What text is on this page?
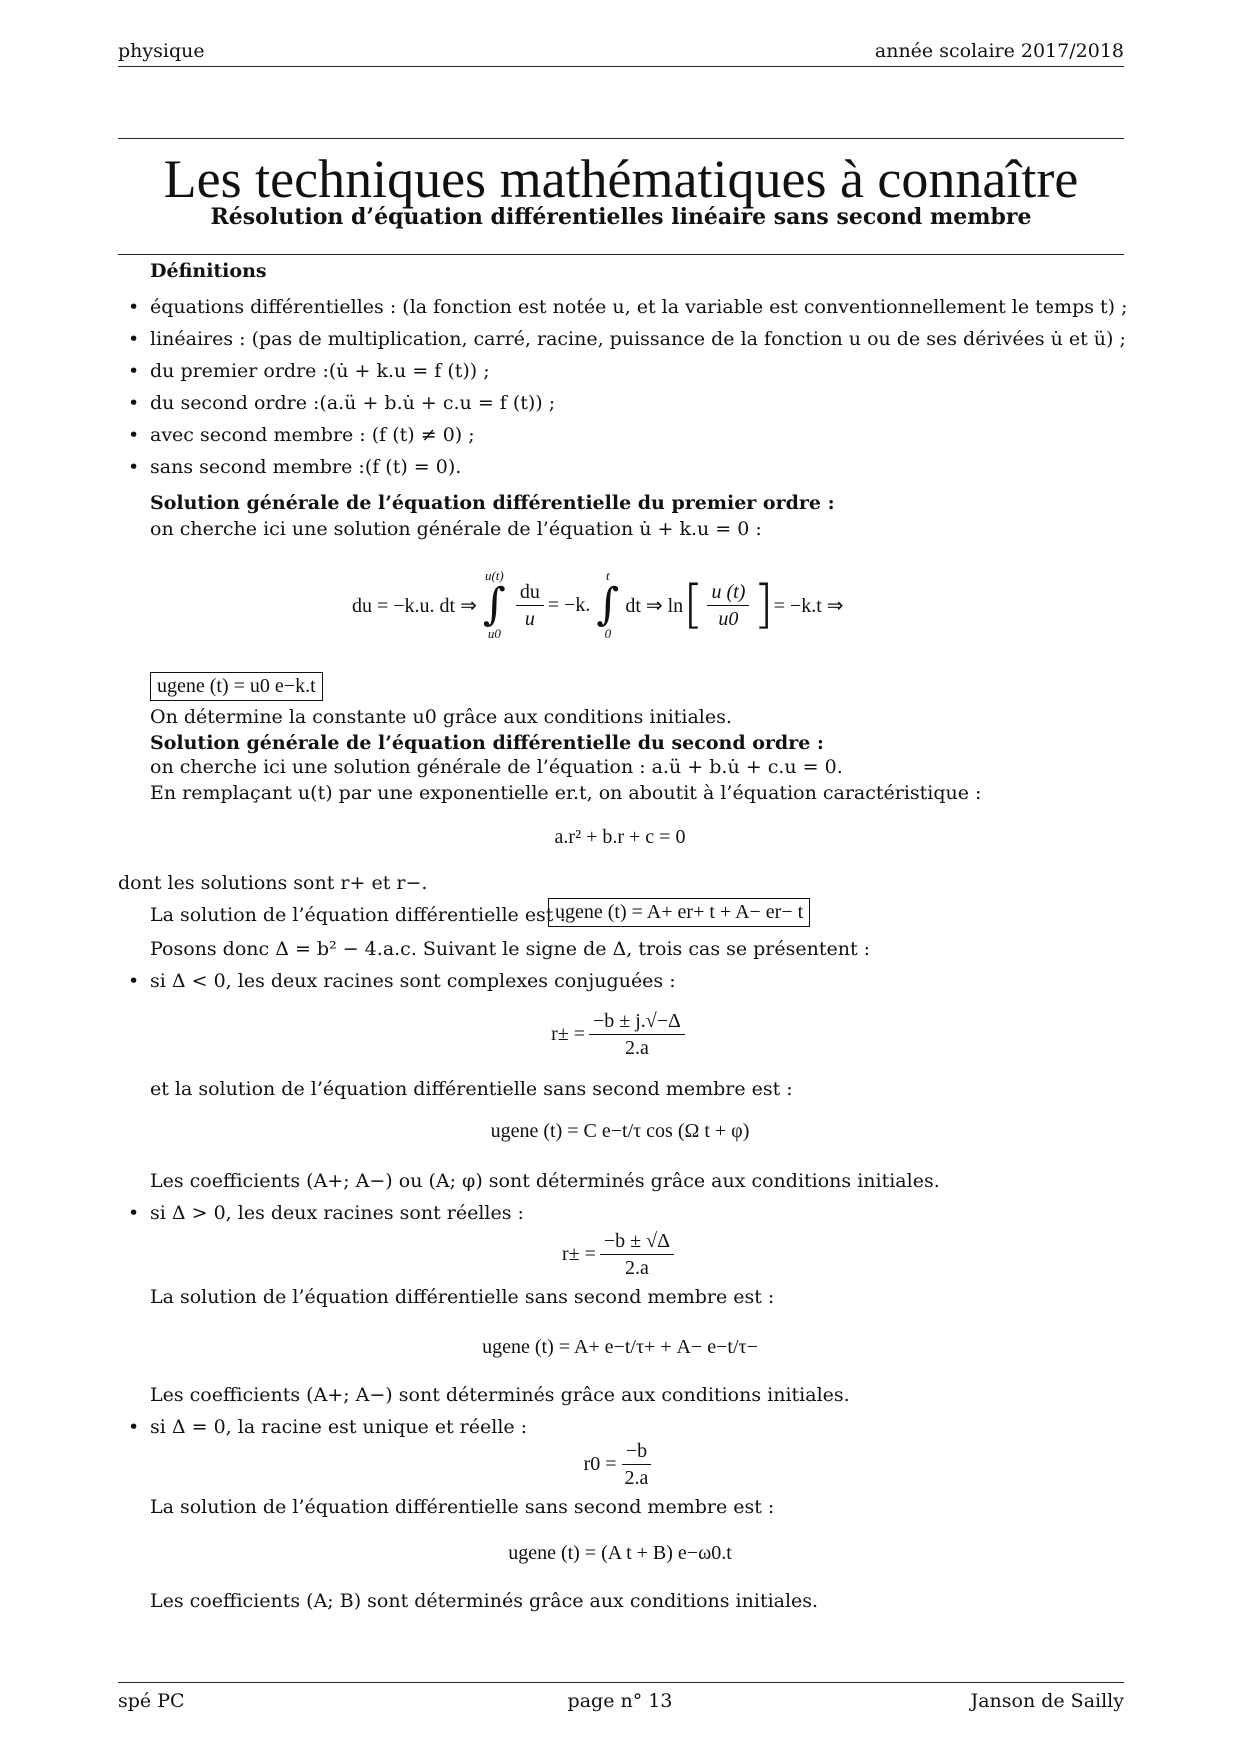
physique	année scolaire 2017/2018
Les techniques mathématiques à connaître
Résolution d’équation différentielles linéaire sans second membre
Définitions
• équations différentielles : (la fonction est notée u, et la variable est conventionnellement le temps t) ;
• linéaires : (pas de multiplication, carré, racine, puissance de la fonction u ou de ses dérivées u̇ et ü) ;
• du premier ordre :(u̇ + k.u = f (t)) ;
• du second ordre :(a.ü + b.u̇ + c.u = f (t)) ;
• avec second membre : (f (t) ≠ 0) ;
• sans second membre :(f (t) = 0).
Solution générale de l’équation différentielle du premier ordre :
on cherche ici une solution générale de l’équation u̇ + k.u = 0 :
du = −k.u. dt ⇒
u(t)
∫
u0
$\frac{du}{u} = -k$.
t
∫
0
dt ⇒ ln [ $\frac{u (t)}{u0}$ ] = −k.t ⇒
ugene (t) = u0 e−k.t
On détermine la constante u0 grâce aux conditions initiales.
Solution générale de l’équation différentielle du second ordre :
on cherche ici une solution générale de l’équation : a.ü + b.u̇ + c.u = 0.
En remplaçant u(t) par une exponentielle er.t, on aboutit à l’équation caractéristique :
a.r² + b.r + c = 0
dont les solutions sont r+ et r−.
La solution de l’équation différentielle est :
ugene (t) = A+ er+ t + A− er− t
Posons donc Δ = b² − 4.a.c. Suivant le signe de Δ, trois cas se présentent :
• si Δ < 0, les deux racines sont complexes conjuguées :
$r\pm = \frac{-b \pm j.√-\Delta}{2.a}$
et la solution de l’équation différentielle sans second membre est :
ugene (t) = C e−t/τ cos (Ω t + φ)
Les coefficients (A+; A−) ou (A; φ) sont déterminés grâce aux conditions initiales.
• si Δ > 0, les deux racines sont réelles :
$r\pm = \frac{-b \pm √\Delta}{2.a}$
La solution de l’équation différentielle sans second membre est :
ugene (t) = A+ e−t/τ+ + A− e−t/τ−
Les coefficients (A+; A−) sont déterminés grâce aux conditions initiales.
• si Δ = 0, la racine est unique et réelle :
$r0 = \frac{-b}{2.a}$
La solution de l’équation différentielle sans second membre est :
ugene (t) = (A t + B) e−ω0.t
Les coefficients (A; B) sont déterminés grâce aux conditions initiales.
spé PC	page n° 13	Janson de Sailly
